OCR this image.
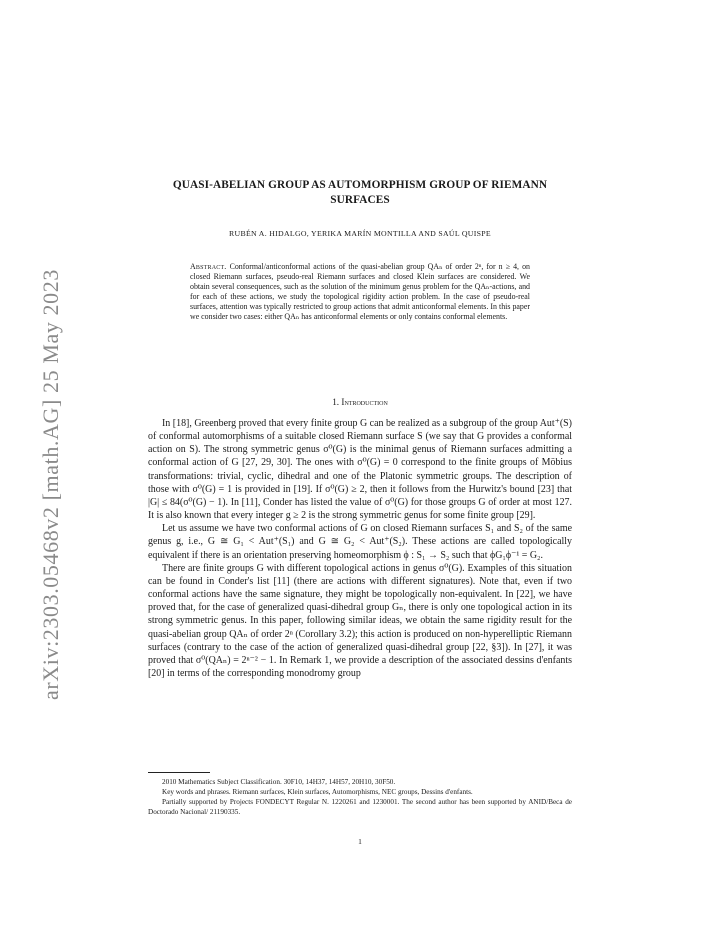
arXiv:2303.05468v2 [math.AG] 25 May 2023
QUASI-ABELIAN GROUP AS AUTOMORPHISM GROUP OF RIEMANN
SURFACES
RUBÉN A. HIDALGO, YERIKA MARÍN MONTILLA AND SAÚL QUISPE
Abstract. Conformal/anticonformal actions of the quasi-abelian group QAₙ of order 2ⁿ, for n ≥ 4, on closed Riemann surfaces, pseudo-real Riemann surfaces and closed Klein surfaces are considered. We obtain several consequences, such as the solution of the minimum genus problem for the QAₙ-actions, and for each of these actions, we study the topological rigidity action problem. In the case of pseudo-real surfaces, attention was typically restricted to group actions that admit anticonformal elements. In this paper we consider two cases: either QAₙ has anticonformal elements or only contains conformal elements.
1. Introduction

In [18], Greenberg proved that every finite group G can be realized as a subgroup of the group Aut⁺(S) of conformal automorphisms of a suitable closed Riemann surface S (we say that G provides a conformal action on S). The strong symmetric genus σ⁰(G) is the minimal genus of Riemann surfaces admitting a conformal action of G [27, 29, 30]. The ones with σ⁰(G) = 0 correspond to the finite groups of Möbius transformations: trivial, cyclic, dihedral and one of the Platonic symmetric groups. The description of those with σ⁰(G) = 1 is provided in [19]. If σ⁰(G) ≥ 2, then it follows from the Hurwitz's bound [23] that |G| ≤ 84(σ⁰(G) − 1). In [11], Conder has listed the value of σ⁰(G) for those groups G of order at most 127. It is also known that every integer g ≥ 2 is the strong symmetric genus for some finite group [29].

Let us assume we have two conformal actions of G on closed Riemann surfaces S₁ and S₂ of the same genus g, i.e., G ≅ G₁ < Aut⁺(S₁) and G ≅ G₂ < Aut⁺(S₂). These actions are called topologically equivalent if there is an orientation preserving homeomorphism ϕ : S₁ → S₂ such that ϕG₁ϕ⁻¹ = G₂.

There are finite groups G with different topological actions in genus σ⁰(G). Examples of this situation can be found in Conder's list [11] (there are actions with different signatures). Note that, even if two conformal actions have the same signature, they might be topologically non-equivalent. In [22], we have proved that, for the case of generalized quasi-dihedral group Gₙ, there is only one topological action in its strong symmetric genus. In this paper, following similar ideas, we obtain the same rigidity result for the quasi-abelian group QAₙ of order 2ⁿ (Corollary 3.2); this action is produced on non-hyperelliptic Riemann surfaces (contrary to the case of the action of generalized quasi-dihedral group [22, §3]). In [27], it was proved that σ⁰(QAₙ) = 2ⁿ⁻² − 1. In Remark 1, we provide a description of the associated dessins d'enfants [20] in terms of the corresponding monodromy group

2010 Mathematics Subject Classification. 30F10, 14H37, 14H57, 20H10, 30F50.

Key words and phrases. Riemann surfaces, Klein surfaces, Automorphisms, NEC groups, Dessins d'enfants.

Partially supported by Projects FONDECYT Regular N. 1220261 and 1230001. The second author has been supported by ANID/Beca de Doctorado Nacional/ 21190335.

1
